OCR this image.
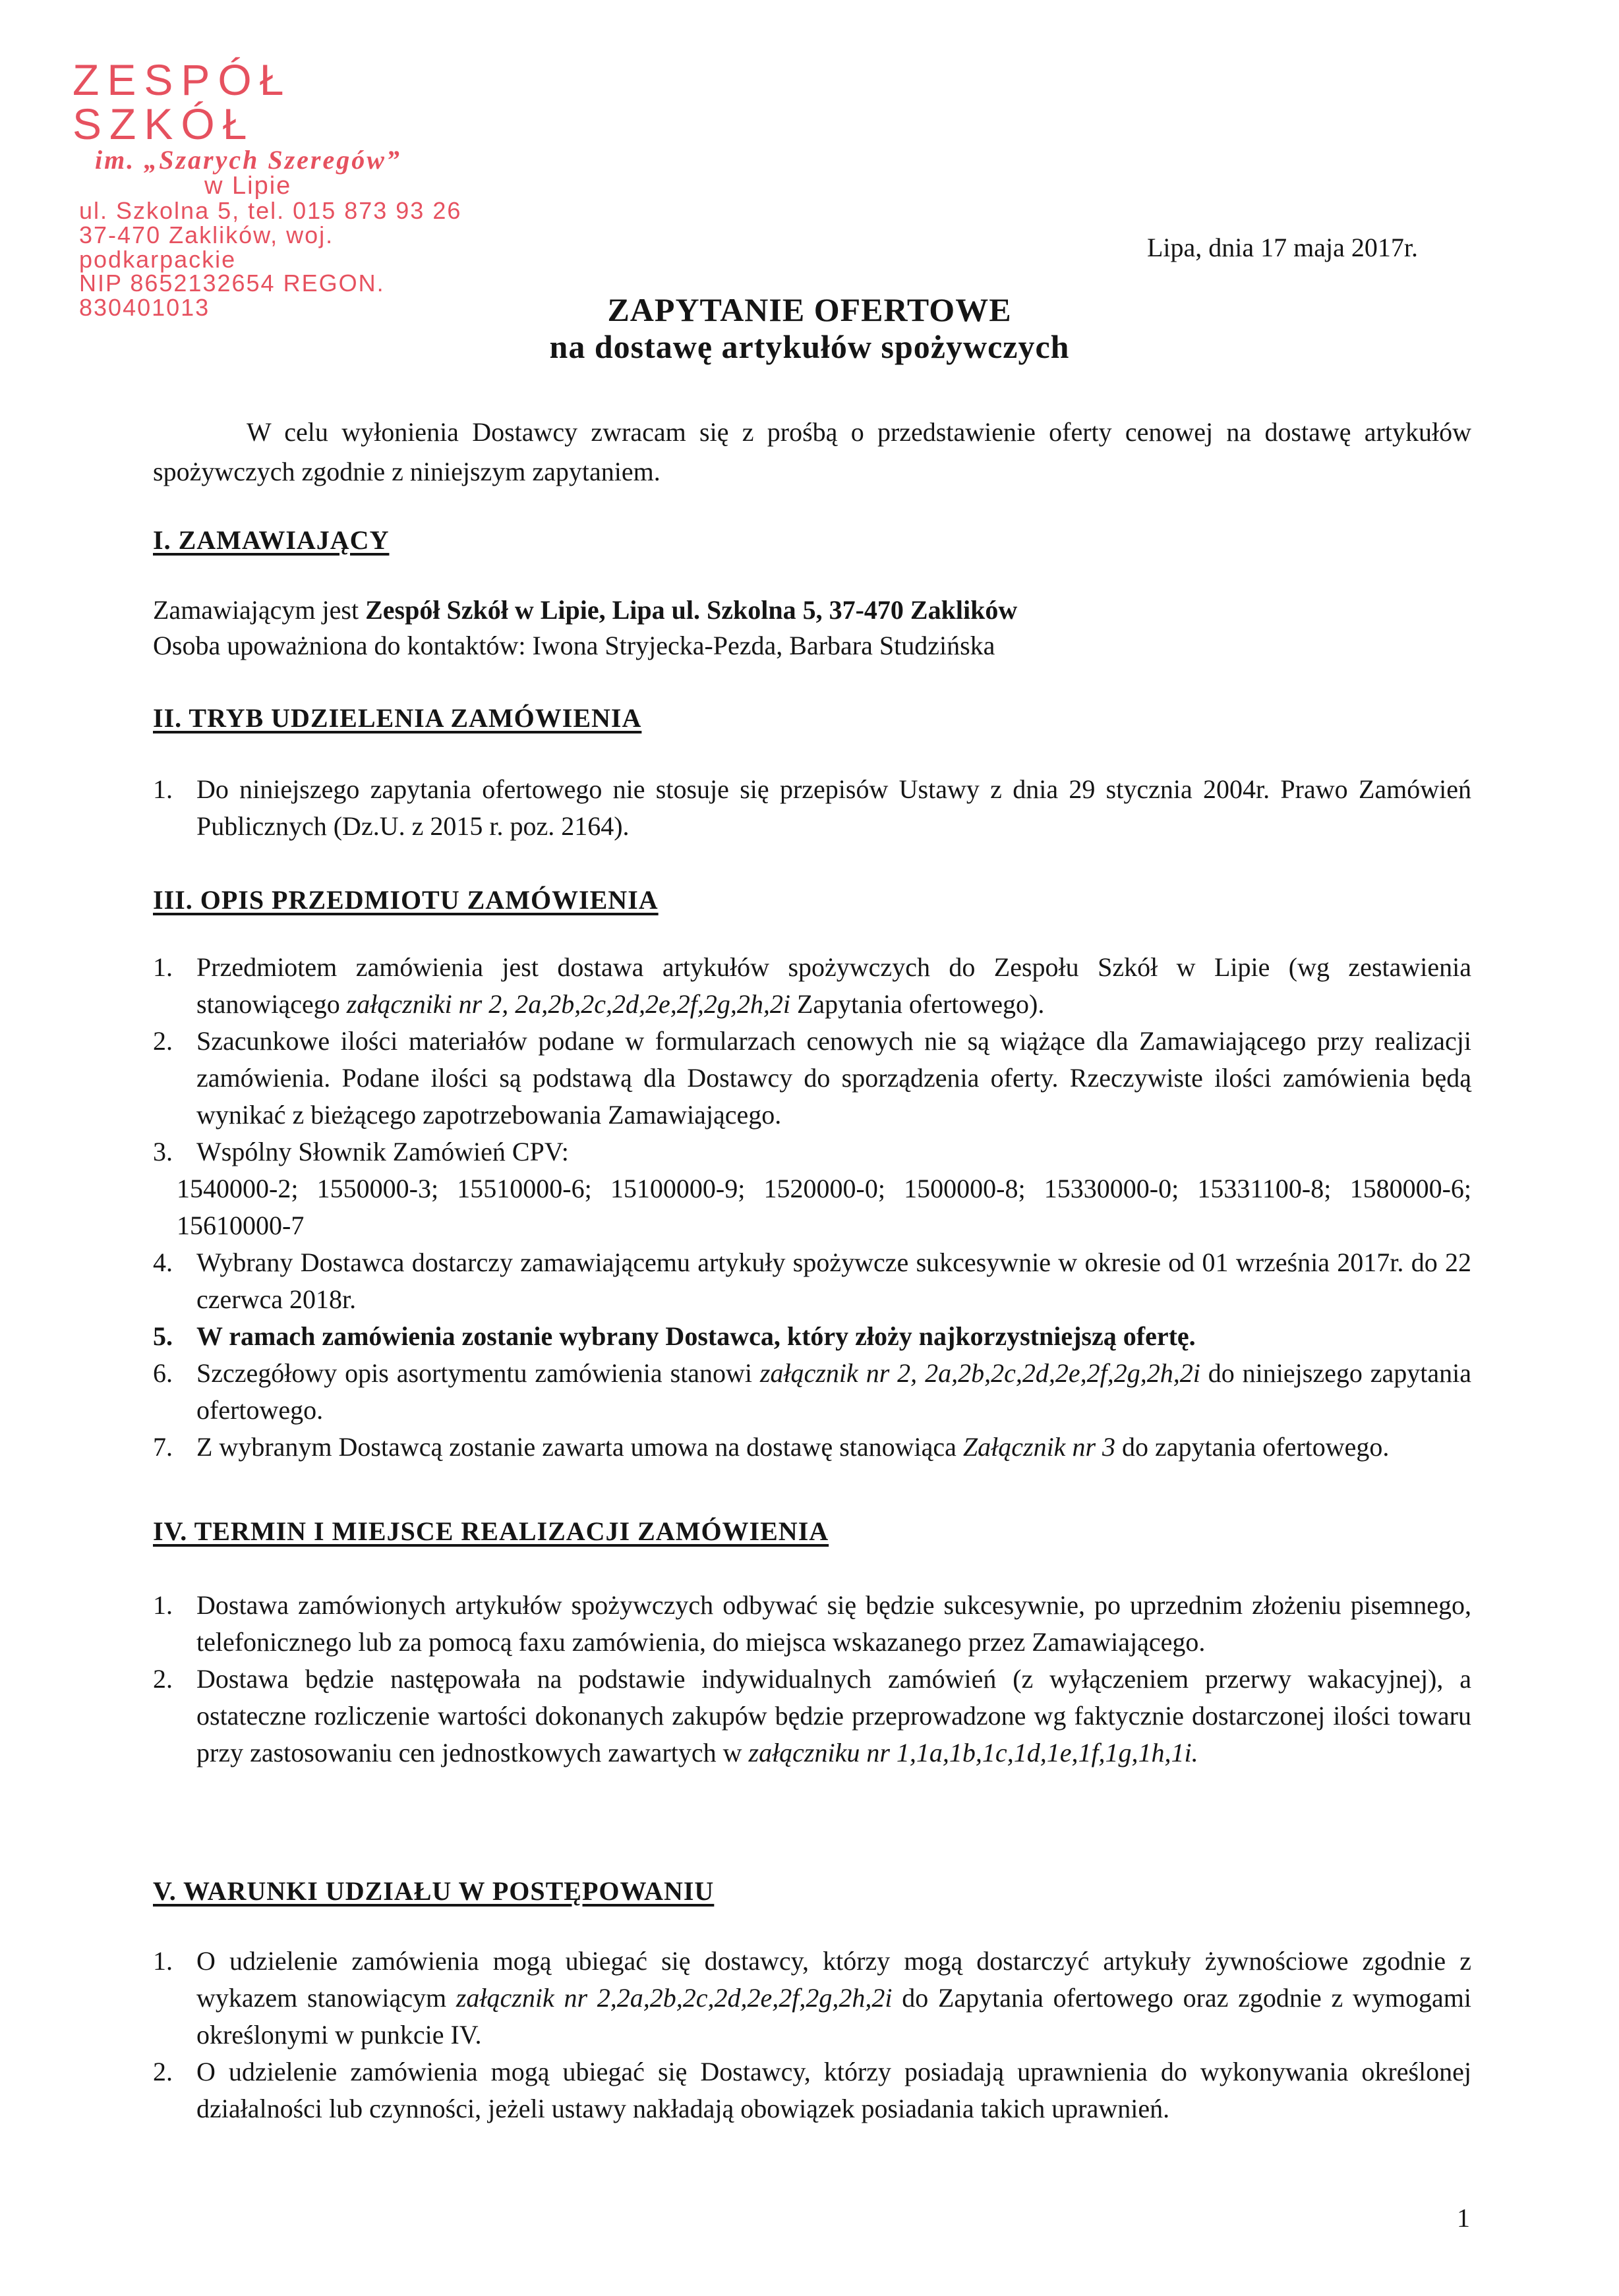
ZESPÓŁ SZKÓŁ
im. „Szarych Szeregów”
w Lipie
ul. Szkolna 5, tel. 015 873 93 26
37-470 Zaklików, woj. podkarpackie
NIP 8652132654 REGON. 830401013
Lipa, dnia 17 maja 2017r.
ZAPYTANIE OFERTOWE
na dostawę artykułów spożywczych

W celu wyłonienia Dostawcy zwracam się z prośbą o przedstawienie oferty cenowej na dostawę artykułów spożywczych zgodnie z niniejszym zapytaniem.

I. ZAMAWIAJĄCY

Zamawiającym jest Zespół Szkół w Lipie, Lipa ul. Szkolna 5, 37-470 Zaklików

Osoba upoważniona do kontaktów: Iwona Stryjecka-Pezda, Barbara Studzińska

II. TRYB UDZIELENIA ZAMÓWIENIA

1. Do niniejszego zapytania ofertowego nie stosuje się przepisów Ustawy z dnia 29 stycznia 2004r. Prawo Zamówień Publicznych (Dz.U. z 2015 r. poz. 2164).

III. OPIS PRZEDMIOTU ZAMÓWIENIA

1. Przedmiotem zamówienia jest dostawa artykułów spożywczych do Zespołu Szkół w Lipie (wg zestawienia stanowiącego załączniki nr 2, 2a,2b,2c,2d,2e,2f,2g,2h,2i Zapytania ofertowego).
2. Szacunkowe ilości materiałów podane w formularzach cenowych nie są wiążące dla Zamawiającego przy realizacji zamówienia. Podane ilości są podstawą dla Dostawcy do sporządzenia oferty. Rzeczywiste ilości zamówienia będą wynikać z bieżącego zapotrzebowania Zamawiającego.
3. Wspólny Słownik Zamówień CPV:
1540000-2; 1550000-3; 15510000-6; 15100000-9; 1520000-0; 1500000-8; 15330000-0; 15331100-8; 1580000-6; 15610000-7
4. Wybrany Dostawca dostarczy zamawiającemu artykuły spożywcze sukcesywnie w okresie od 01 września 2017r. do 22 czerwca 2018r.
5. W ramach zamówienia zostanie wybrany Dostawca, który złoży najkorzystniejszą ofertę.
6. Szczegółowy opis asortymentu zamówienia stanowi załącznik nr 2, 2a,2b,2c,2d,2e,2f,2g,2h,2i do niniejszego zapytania ofertowego.
7. Z wybranym Dostawcą zostanie zawarta umowa na dostawę stanowiąca Załącznik nr 3 do zapytania ofertowego.

IV. TERMIN I MIEJSCE REALIZACJI ZAMÓWIENIA

1. Dostawa zamówionych artykułów spożywczych odbywać się będzie sukcesywnie, po uprzednim złożeniu pisemnego, telefonicznego lub za pomocą faxu zamówienia, do miejsca wskazanego przez Zamawiającego.
2. Dostawa będzie następowała na podstawie indywidualnych zamówień (z wyłączeniem przerwy wakacyjnej), a ostateczne rozliczenie wartości dokonanych zakupów będzie przeprowadzone wg faktycznie dostarczonej ilości towaru przy zastosowaniu cen jednostkowych zawartych w załączniku nr 1,1a,1b,1c,1d,1e,1f,1g,1h,1i.

V. WARUNKI UDZIAŁU W POSTĘPOWANIU

1. O udzielenie zamówienia mogą ubiegać się dostawcy, którzy mogą dostarczyć artykuły żywnościowe zgodnie z wykazem stanowiącym załącznik nr 2,2a,2b,2c,2d,2e,2f,2g,2h,2i do Zapytania ofertowego oraz zgodnie z wymogami określonymi w punkcie IV.
2. O udzielenie zamówienia mogą ubiegać się Dostawcy, którzy posiadają uprawnienia do wykonywania określonej działalności lub czynności, jeżeli ustawy nakładają obowiązek posiadania takich uprawnień.
1
